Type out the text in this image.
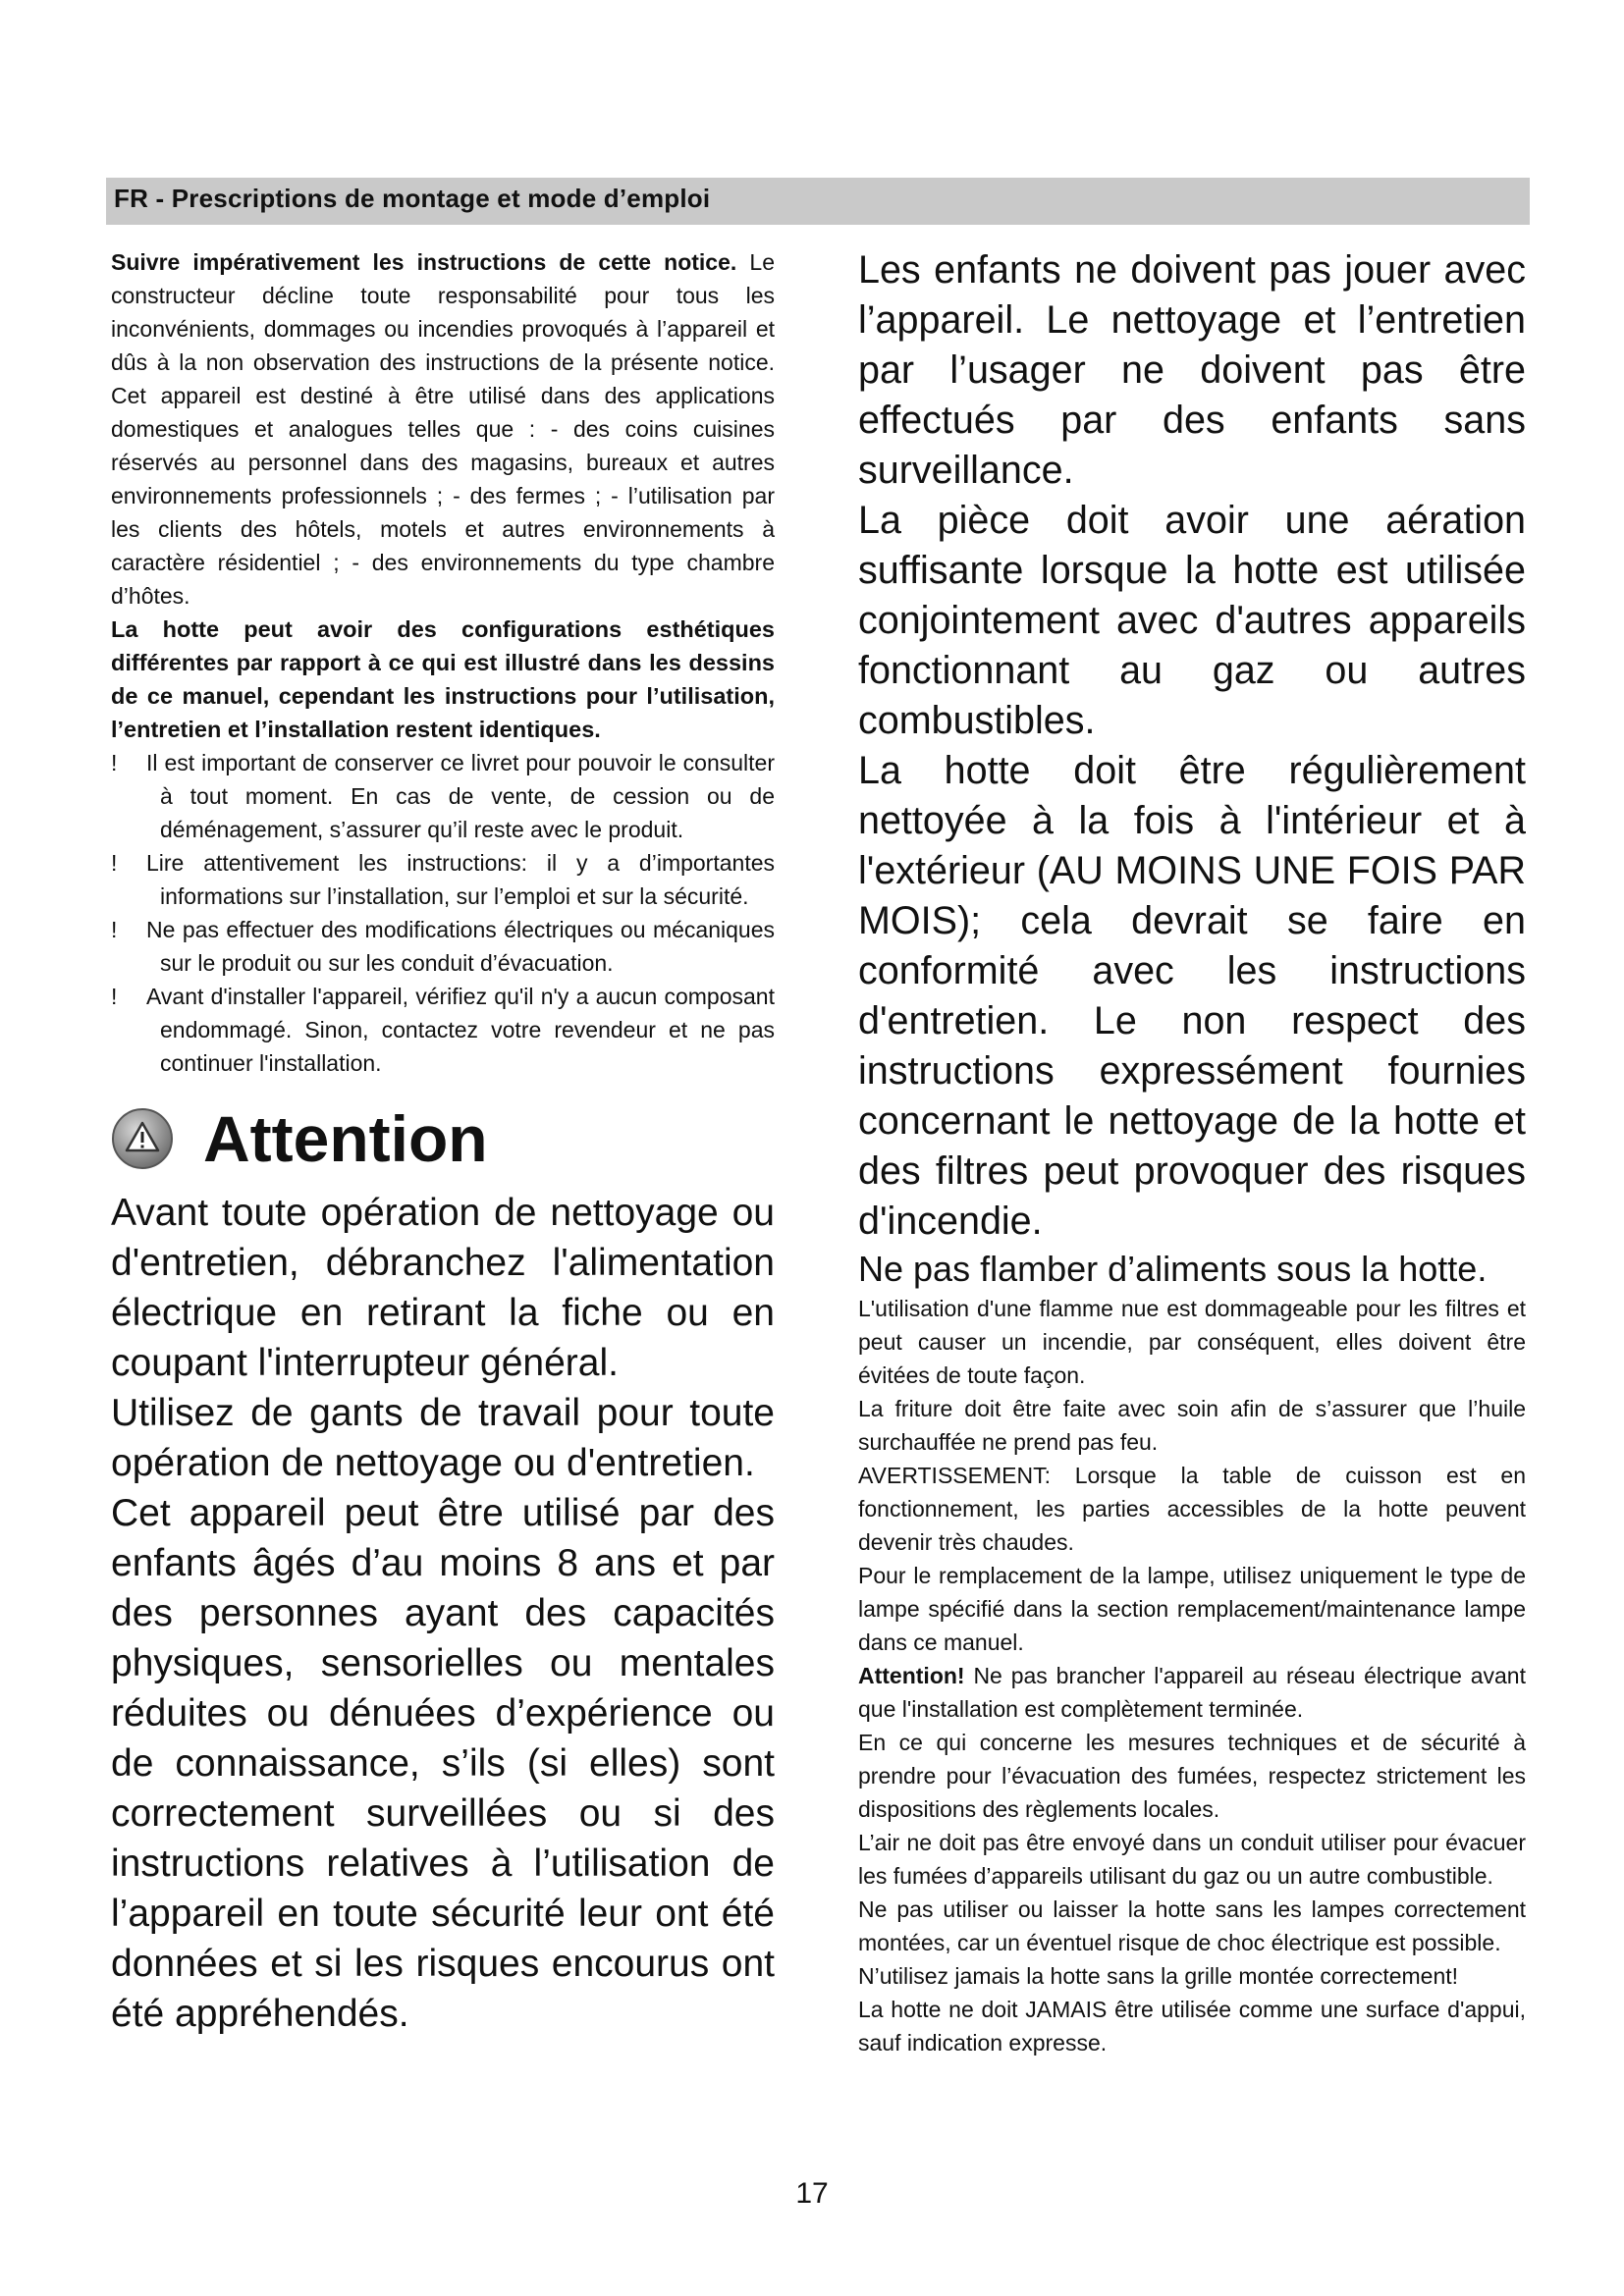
FR - Prescriptions de montage et mode d’emploi

Suivre impérativement les instructions de cette notice. Le constructeur décline toute responsabilité pour tous les inconvénients, dommages ou incendies provoqués à l’appareil et dûs à la non observation des instructions de la présente notice. Cet appareil est destiné à être utilisé dans des applications domestiques et analogues telles que : - des coins cuisines réservés au personnel dans des magasins, bureaux et autres environnements professionnels ; - des fermes ; - l’utilisation par les clients des hôtels, motels et autres environnements à caractère résidentiel ; - des environnements du type chambre d’hôtes.

La hotte peut avoir des configurations esthétiques différentes par rapport à ce qui est illustré dans les dessins de ce manuel, cependant les instructions pour l’utilisation, l’entretien et l’installation restent identiques.

! Il est important de conserver ce livret pour pouvoir le consulter à tout moment. En cas de vente, de cession ou de déménagement, s’assurer qu’il reste avec le produit.

! Lire attentivement les instructions: il y a d’importantes informations sur l’installation, sur l’emploi et sur la sécurité.

! Ne pas effectuer des modifications électriques ou mécaniques sur le produit ou sur les conduit d’évacuation.

! Avant d'installer l'appareil, vérifiez qu'il n'y a aucun composant endommagé. Sinon, contactez votre revendeur et ne pas continuer l'installation.

Attention

Avant toute opération de nettoyage ou d'entretien, débranchez l'alimentation électrique en retirant la fiche ou en coupant l'interrupteur général.

Utilisez de gants de travail pour toute opération de nettoyage ou d'entretien.

Cet appareil peut être utilisé par des enfants âgés d’au moins 8 ans et par des personnes ayant des capacités physiques, sensorielles ou mentales réduites ou dénuées d’expérience ou de connaissance, s’ils (si elles) sont correctement surveillées ou si des instructions relatives à l’utilisation de l’appareil en toute sécurité leur ont été données et si les risques encourus ont été appréhendés.

Les enfants ne doivent pas jouer avec l’appareil. Le nettoyage et l’entretien par l’usager ne doivent pas être effectués par des enfants sans surveillance.

La pièce doit avoir une aération suffisante lorsque la hotte est utilisée conjointement avec d'autres appareils fonctionnant au gaz ou autres combustibles.

La hotte doit être régulièrement nettoyée à la fois à l'intérieur et à l'extérieur (AU MOINS UNE FOIS PAR MOIS); cela devrait se faire en conformité avec les instructions d'entretien. Le non respect des instructions expressément fournies concernant le nettoyage de la hotte et des filtres peut provoquer des risques d'incendie.

Ne pas flamber d’aliments sous la hotte.

L'utilisation d'une flamme nue est dommageable pour les filtres et peut causer un incendie, par conséquent, elles doivent être évitées de toute façon.

La friture doit être faite avec soin afin de s’assurer que l’huile surchauffée ne prend pas feu.

AVERTISSEMENT: Lorsque la table de cuisson est en fonctionnement, les parties accessibles de la hotte peuvent devenir très chaudes.

Pour le remplacement de la lampe, utilisez uniquement le type de lampe spécifié dans la section remplacement/maintenance lampe dans ce manuel.

Attention! Ne pas brancher l'appareil au réseau électrique avant que l'installation est complètement terminée.

En ce qui concerne les mesures techniques et de sécurité à prendre pour l’évacuation des fumées, respectez strictement les dispositions des règlements locales.

L’air ne doit pas être envoyé dans un conduit utiliser pour évacuer les fumées d’appareils utilisant du gaz ou un autre combustible.

Ne pas utiliser ou laisser la hotte sans les lampes correctement montées, car un éventuel risque de choc électrique est possible.

N’utilisez jamais la hotte sans la grille montée correctement!

La hotte ne doit JAMAIS être utilisée comme une surface d'appui, sauf indication expresse.

17
